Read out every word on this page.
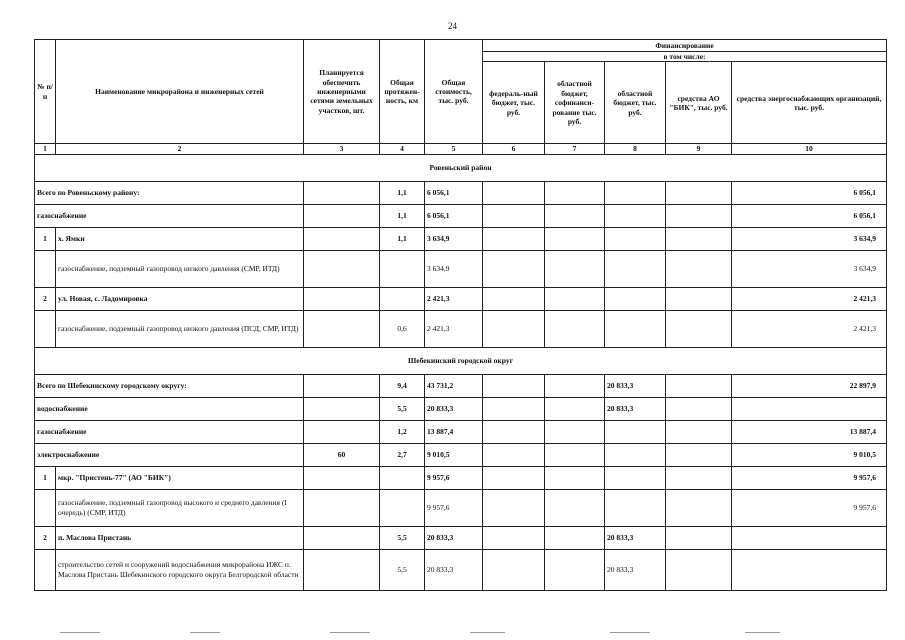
24
№ п/п	Наименование микрорайона и инженерных сетей	Планируется обеспечить инженерными сетями земельных участков, шт.	Общая протяжен-ность, км	Общая стоимость, тыс. руб.	Финансирование				
					в том числе:				
					федераль-ный бюджет, тыс. руб.	областной бюджет, софинанси-рование тыс. руб.	областной бюджет, тыс. руб.	средства АО "БИК", тыс. руб.	средства энергоснабжающих организаций, тыс. руб.
1	2	3	4	5	6	7	8	9	10
Ровеньский район									
Всего по Ровеньскому району:			1,1	6 056,1					6 056,1
газоснабжение			1,1	6 056,1					6 056,1
1	х. Ямки		1,1	3 634,9					3 634,9
	газоснабжение, подземный газопровод низкого давления (СМР, ИТД)			3 634,9					3 634,9
2	ул. Новая, с. Ладомировка			2 421,3					2 421,3
	газоснабжение, подземный газопровод низкого давления (ПСД, СМР, ИТД)		0,6	2 421,3					2 421,3
Шебекинский городской округ									
Всего по Шебекинскому городскому округу:			9,4	43 731,2			20 833,3		22 897,9
водоснабжение			5,5	20 833,3			20 833,3		
газоснабжение			1,2	13 887,4					13 887,4
электроснабжение		60	2,7	9 010,5					9 010,5
1	мкр. "Пристень-77" (АО "БИК")			9 957,6					9 957,6
	газоснабжение, подземный газопровод высокого и среднего давления (I очередь) (СМР, ИТД)			9 957,6					9 957,6
2	п. Маслова Пристань		5,5	20 833,3			20 833,3		
	строительство сетей и сооружений водоснабжения микрорайона ИЖС п. Маслова Пристань Шебекинского городского округа Белгородской области		5,5	20 833,3			20 833,3		
